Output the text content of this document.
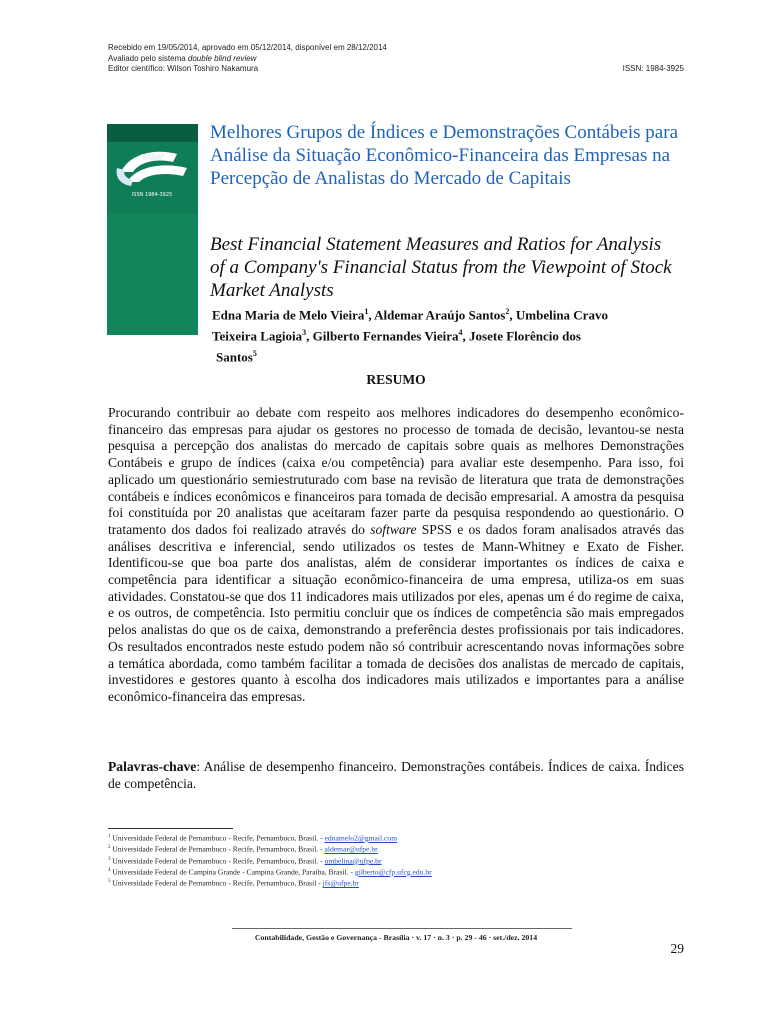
Recebido em 19/05/2014, aprovado em 05/12/2014, disponível em 28/12/2014
Avaliado pelo sistema double blind review
Editor científico: Wilson Toshiro Nakamura	ISSN: 1984-3925
ISSN 1984-3925
Melhores Grupos de Índices e Demonstrações Contábeis para Análise da Situação Econômico-Financeira das Empresas na Percepção de Analistas do Mercado de Capitais
Best Financial Statement Measures and Ratios for Analysis of a Company's Financial Status from the Viewpoint of Stock Market Analysts
Edna Maria de Melo Vieira$^1$, Aldemar Araújo Santos$^2$, Umbelina Cravo
Teixeira Lagioia$^3$, Gilberto Fernandes Vieira$^4$, Josete Florêncio dos
Santos$^5$
RESUMO

Procurando contribuir ao debate com respeito aos melhores indicadores do desempenho econômico-financeiro das empresas para ajudar os gestores no processo de tomada de decisão, levantou-se nesta pesquisa a percepção dos analistas do mercado de capitais sobre quais as melhores Demonstrações Contábeis e grupo de índices (caixa e/ou competência) para avaliar este desempenho. Para isso, foi aplicado um questionário semiestruturado com base na revisão de literatura que trata de demonstrações contábeis e índices econômicos e financeiros para tomada de decisão empresarial. A amostra da pesquisa foi constituída por 20 analistas que aceitaram fazer parte da pesquisa respondendo ao questionário. O tratamento dos dados foi realizado através do software SPSS e os dados foram analisados através das análises descritiva e inferencial, sendo utilizados os testes de Mann-Whitney e Exato de Fisher. Identificou-se que boa parte dos analistas, além de considerar importantes os índices de caixa e competência para identificar a situação econômico-financeira de uma empresa, utiliza-os em suas atividades. Constatou-se que dos 11 indicadores mais utilizados por eles, apenas um é do regime de caixa, e os outros, de competência. Isto permitiu concluir que os índices de competência são mais empregados pelos analistas do que os de caixa, demonstrando a preferência destes profissionais por tais indicadores. Os resultados encontrados neste estudo podem não só contribuir acrescentando novas informações sobre a temática abordada, como também facilitar a tomada de decisões dos analistas de mercado de capitais, investidores e gestores quanto à escolha dos indicadores mais utilizados e importantes para a análise econômico-financeira das empresas.

Palavras-chave: Análise de desempenho financeiro. Demonstrações contábeis. Índices de caixa. Índices de competência.

$^1$ Universidade Federal de Pernambuco - Recife, Pernambuco, Brasil. - ednamelo2@gmail.com
$^2$ Universidade Federal de Pernambuco - Recife, Pernambuco, Brasil. - aldemar@ufpe.br
$^3$ Universidade Federal de Pernambuco - Recife, Pernambuco, Brasil. - umbelina@ufpe.br
$^4$ Universidade Federal de Campina Grande - Campina Grande, Paraíba, Brasil. - gilberto@cfp.ufcg.edu.br
$^5$ Universidade Federal de Pernambuco - Recife, Pernambuco, Brasil - jfs@ufpe.br
Contabilidade, Gestão e Governança - Brasília · v. 17 · n. 3 · p. 29 - 46 · set./dez. 2014
29
